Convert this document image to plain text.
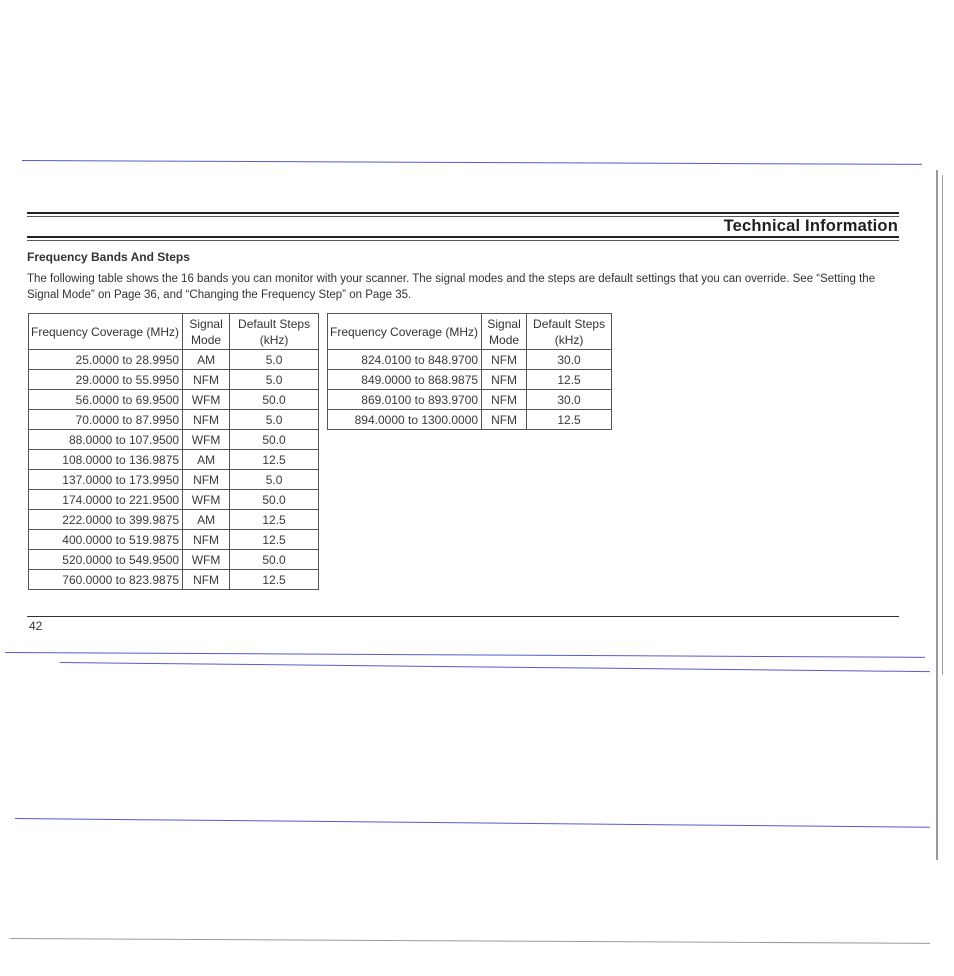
Technical Information
Frequency Bands And Steps
The following table shows the 16 bands you can monitor with your scanner. The signal modes and the steps are default settings that you can override. See “Setting the Signal Mode” on Page 36, and “Changing the Frequency Step” on Page 35.
Frequency Coverage (MHz)	Signal Mode	Default Steps (kHz)
25.0000 to 28.9950	AM	5.0
29.0000 to 55.9950	NFM	5.0
56.0000 to 69.9500	WFM	50.0
70.0000 to 87.9950	NFM	5.0
88.0000 to 107.9500	WFM	50.0
108.0000 to 136.9875	AM	12.5
137.0000 to 173.9950	NFM	5.0
174.0000 to 221.9500	WFM	50.0
222.0000 to 399.9875	AM	12.5
400.0000 to 519.9875	NFM	12.5
520.0000 to 549.9500	WFM	50.0
760.0000 to 823.9875	NFM	12.5
Frequency Coverage (MHz)	Signal Mode	Default Steps (kHz)
824.0100 to 848.9700	NFM	30.0
849.0000 to 868.9875	NFM	12.5
869.0100 to 893.9700	NFM	30.0
894.0000 to 1300.0000	NFM	12.5
42
